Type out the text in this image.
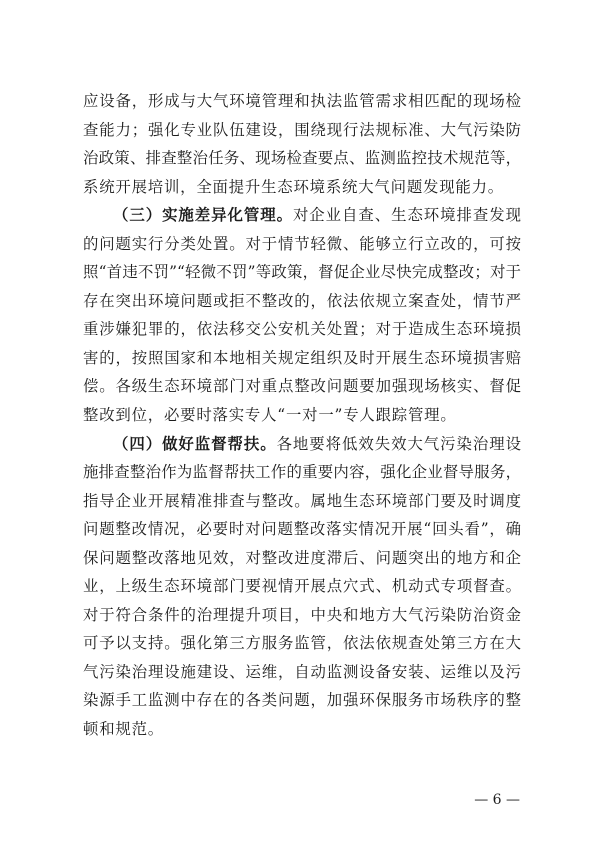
应设备，形成与大气环境管理和执法监管需求相匹配的现场检
查能力；强化专业队伍建设，围绕现行法规标准、大气污染防
治政策、排查整治任务、现场检查要点、监测监控技术规范等，
系统开展培训，全面提升生态环境系统大气问题发现能力。
（三）实施差异化管理。对企业自查、生态环境排查发现
的问题实行分类处置。对于情节轻微、能够立行立改的，可按
照“首违不罚”“轻微不罚”等政策，督促企业尽快完成整改；对于
存在突出环境问题或拒不整改的，依法依规立案查处，情节严
重涉嫌犯罪的，依法移交公安机关处置；对于造成生态环境损
害的，按照国家和本地相关规定组织及时开展生态环境损害赔
偿。各级生态环境部门对重点整改问题要加强现场核实、督促
整改到位，必要时落实专人“一对一”专人跟踪管理。
（四）做好监督帮扶。各地要将低效失效大气污染治理设
施排查整治作为监督帮扶工作的重要内容，强化企业督导服务，
指导企业开展精准排查与整改。属地生态环境部门要及时调度
问题整改情况，必要时对问题整改落实情况开展“回头看”，确
保问题整改落地见效，对整改进度滞后、问题突出的地方和企
业，上级生态环境部门要视情开展点穴式、机动式专项督查。
对于符合条件的治理提升项目，中央和地方大气污染防治资金
可予以支持。强化第三方服务监管，依法依规查处第三方在大
气污染治理设施建设、运维，自动监测设备安装、运维以及污
染源手工监测中存在的各类问题，加强环保服务市场秩序的整
顿和规范。
— 6 —
